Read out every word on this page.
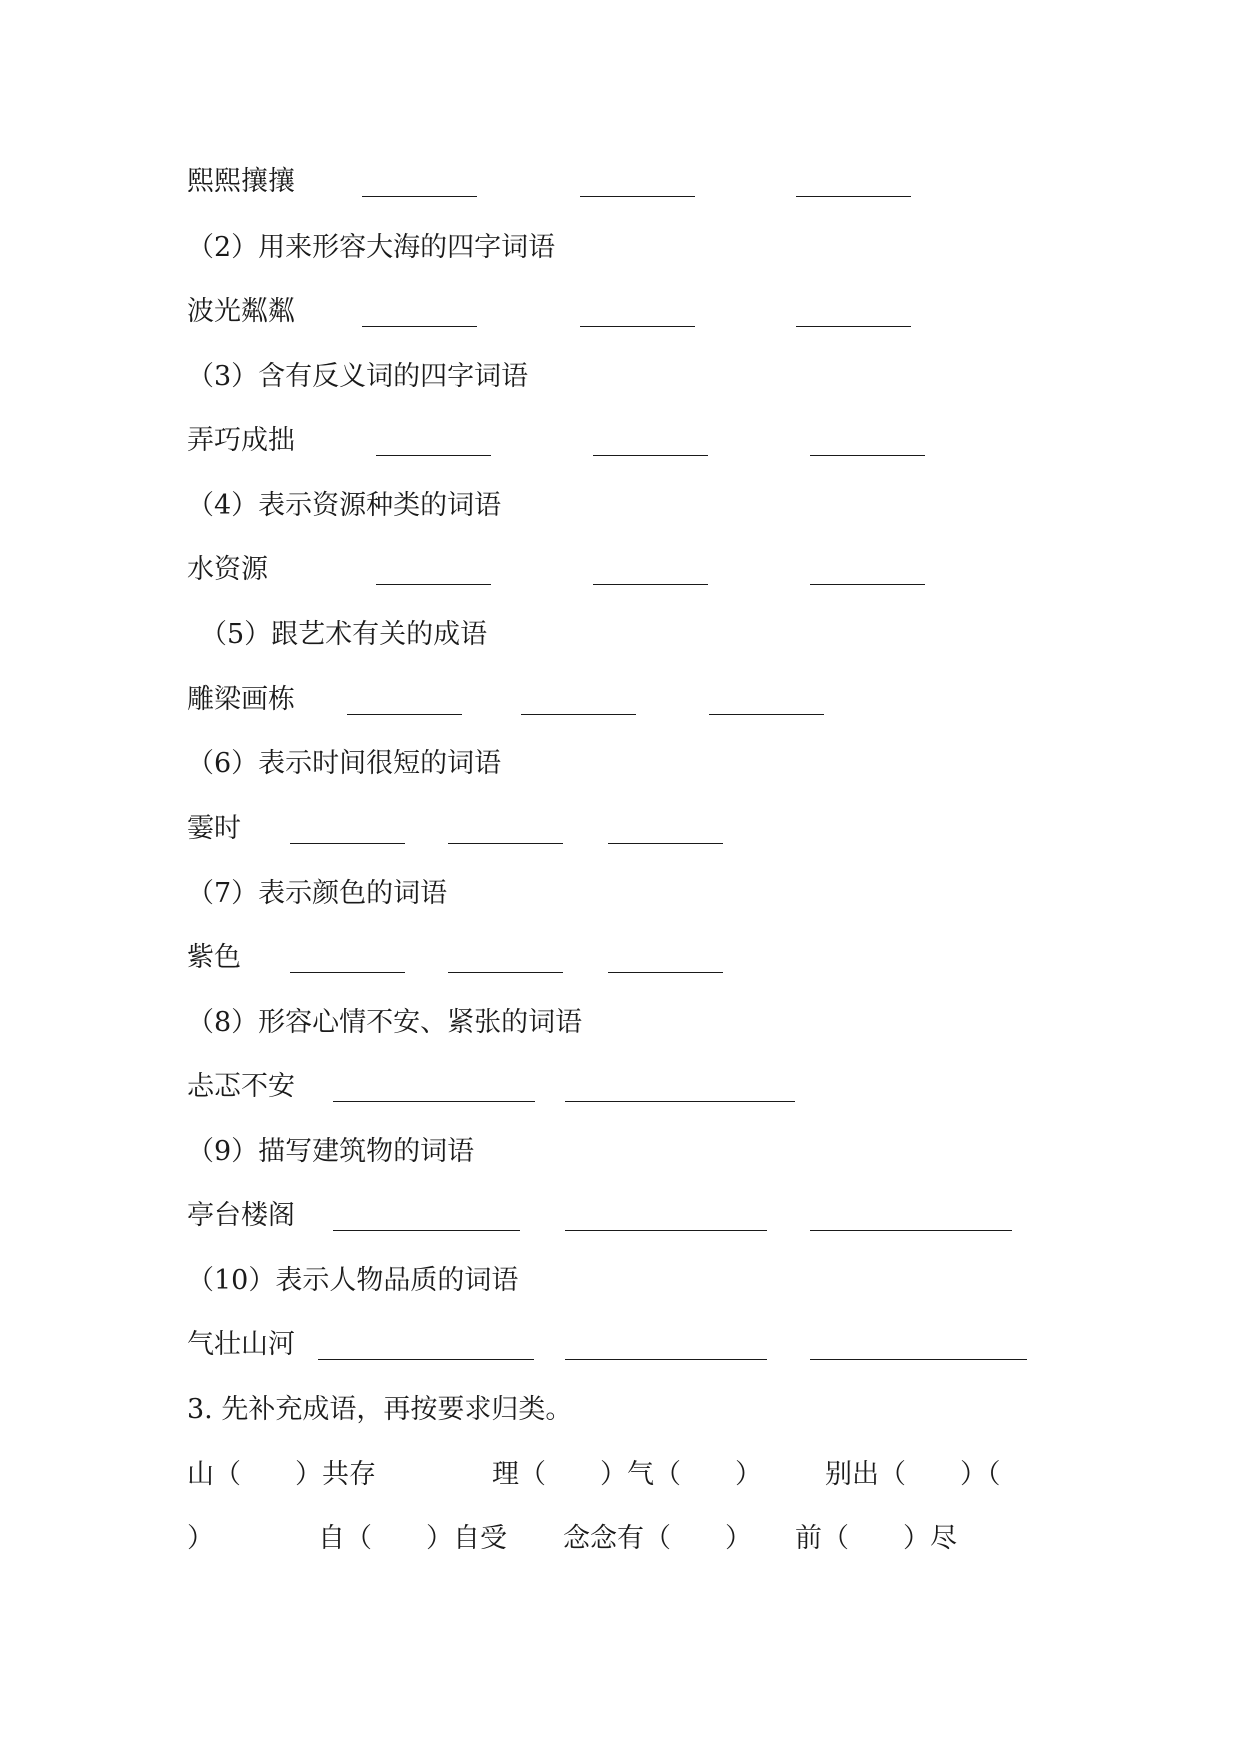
熙熙攘攘
（2）用来形容大海的四字词语
波光粼粼
（3）含有反义词的四字词语
弄巧成拙
（4）表示资源种类的词语
水资源
（5）跟艺术有关的成语
雕梁画栋
（6）表示时间很短的词语
霎时
（7）表示颜色的词语
紫色
（8）形容心情不安、紧张的词语
忐忑不安
（9）描写建筑物的词语
亭台楼阁
（10）表示人物品质的词语
气壮山河
3. 先补充成语，再按要求归类。
山（　　）共存	理（　　）气（　　） 别出（　　）（
）	自（　　）自受 念念有（　　） 前（　　）尽
